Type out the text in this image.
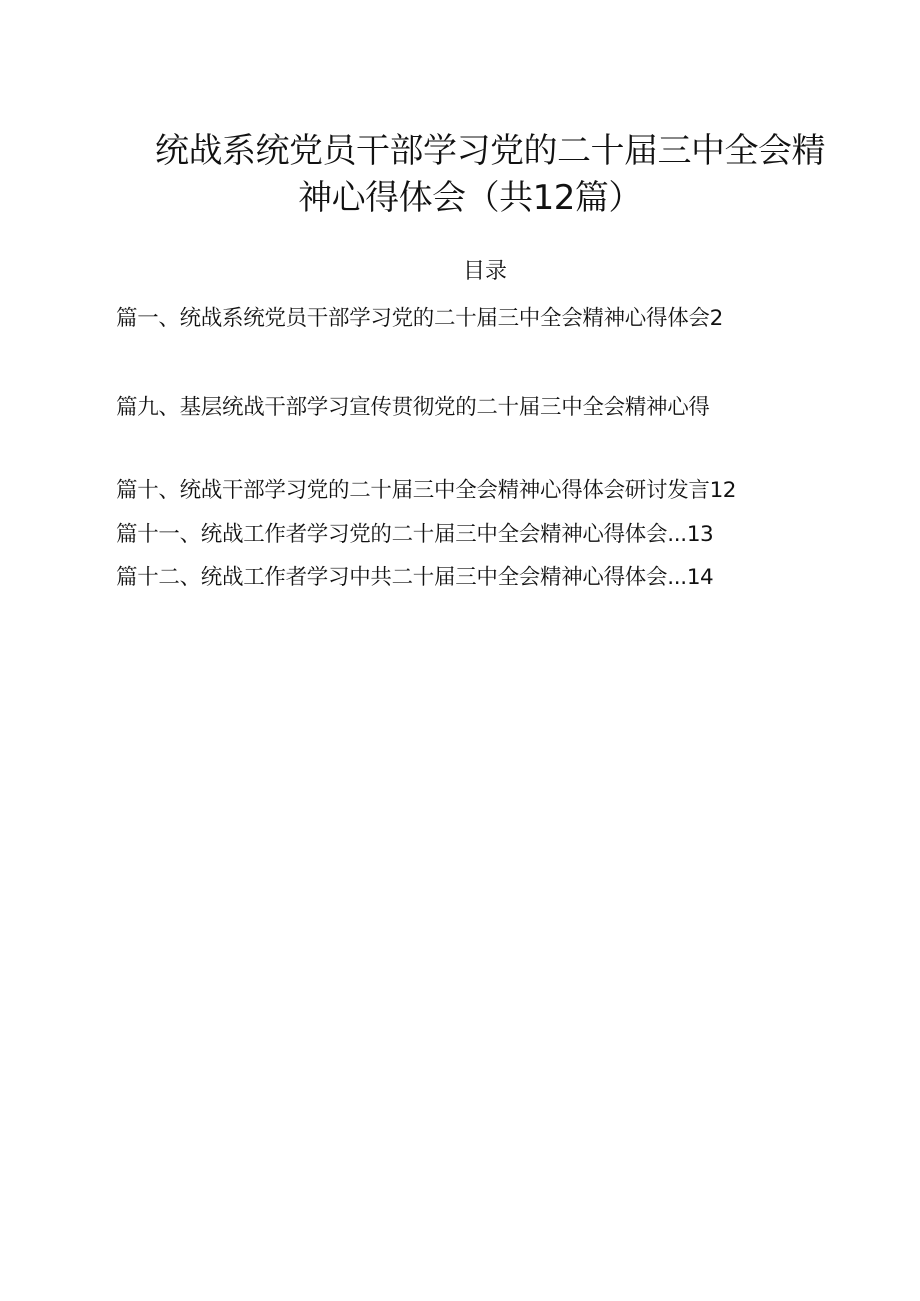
统战系统党员干部学习党的二十届三中全会精
神心得体会（共12篇）
目录
篇一、统战系统党员干部学习党的二十届三中全会精神心得体会2
篇九、基层统战干部学习宣传贯彻党的二十届三中全会精神心得
篇十、统战干部学习党的二十届三中全会精神心得体会研讨发言12
篇十一、统战工作者学习党的二十届三中全会精神心得体会...13
篇十二、统战工作者学习中共二十届三中全会精神心得体会...14
